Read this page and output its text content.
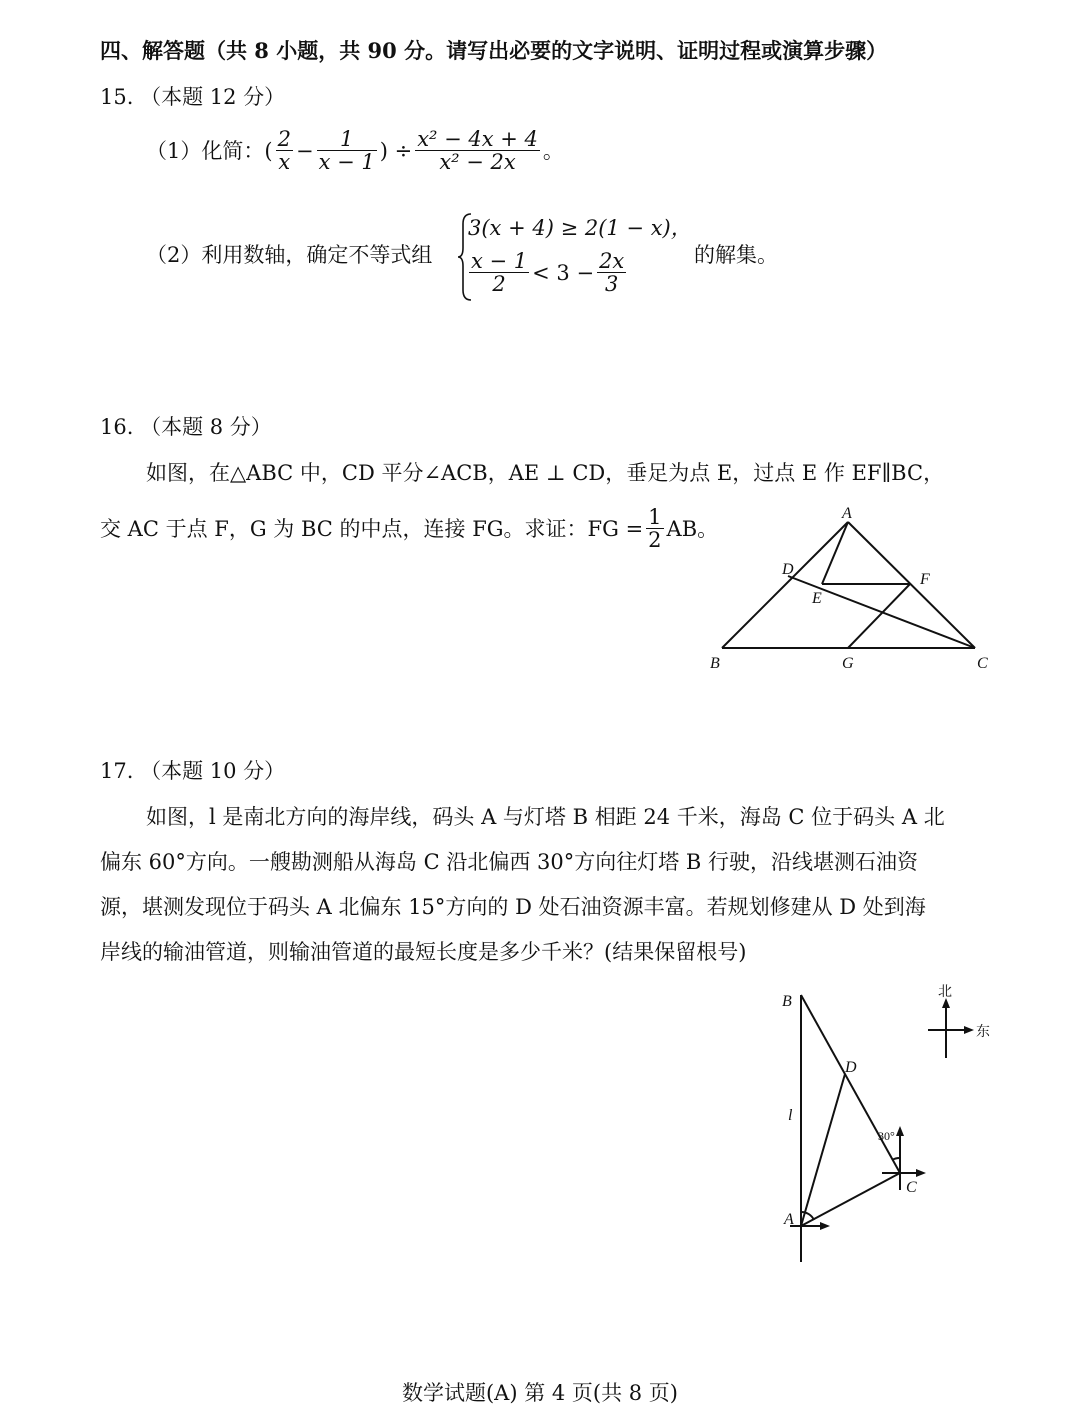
四、解答题（共 8 小题，共 90 分。请写出必要的文字说明、证明过程或演算步骤）
15. （本题 12 分）
（1）化简： ( $\frac{2}{x} - \frac{1}{x - 1}$ ) ÷ $\frac{\text{x² − 4x + 4}}{\text{x² − 2x}}$ 。
（2）利用数轴，确定不等式组
3(x + 4) ≥ 2(1 − x)，
$\frac{x - 1}{2} < 3 - \frac{2x}{3}$	的解集。
16. （本题 8 分）
如图，在△ABC 中，CD 平分∠ACB，AE ⊥ CD，垂足为点 E，过点 E 作 EF∥BC，
交 AC 于点 F，G 为 BC 的中点，连接 FG。求证：FG = $\frac{1}{2}$ AB。
A
B	C
D
E
F
G
17. （本题 10 分）
如图，l 是南北方向的海岸线，码头 A 与灯塔 B 相距 24 千米，海岛 C 位于码头 A 北
偏东 60°方向。一艘勘测船从海岛 C 沿北偏西 30°方向往灯塔 B 行驶，沿线堪测石油资
源，堪测发现位于码头 A 北偏东 15°方向的 D 处石油资源丰富。若规划修建从 D 处到海
岸线的输油管道，则输油管道的最短长度是多少千米？(结果保留根号)
B
A
C
D
l
30°
北
东
数学试题(A) 第 4 页(共 8 页)
